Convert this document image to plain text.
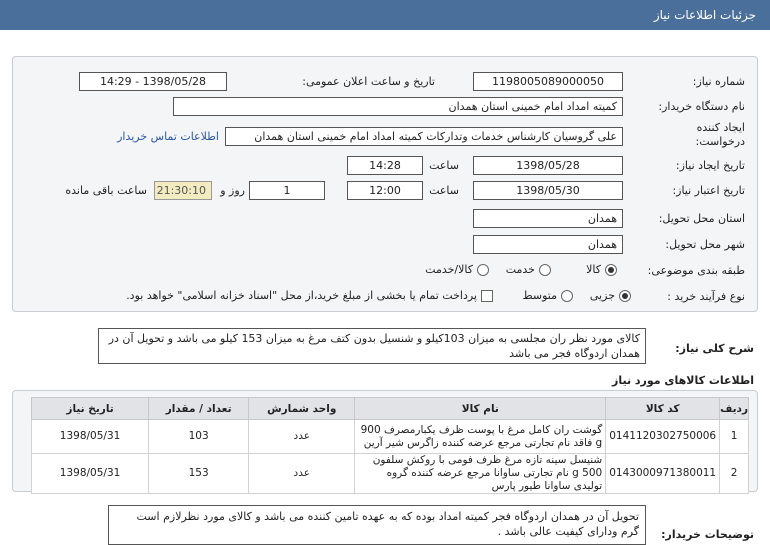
جزئیات اطلاعات نیاز
شماره نیاز:
1198005089000050
تاریخ و ساعت اعلان عمومی:
1398/05/28 - 14:29
نام دستگاه خریدار:
کمیته امداد امام خمینی استان همدان
ایجاد کننده درخواست:
علی گروسیان کارشناس خدمات وتدارکات کمیته امداد امام خمینی استان همدان
اطلاعات تماس خریدار
تاریخ ایجاد نیاز:
1398/05/28
ساعت
14:28
تاریخ اعتبار نیاز:
1398/05/30
ساعت
12:00
1
روز و
21:30:10
ساعت باقی مانده
استان محل تحویل:
همدان
شهر محل تحویل:
همدان
طبقه بندی موضوعی:
کالا
خدمت
کالا/خدمت
نوع فرآیند خرید :
جزیی
متوسط
پرداخت تمام یا بخشی از مبلغ خرید،از محل "اسناد خزانه اسلامی" خواهد بود.
شرح کلی نیاز:
کالای مورد نظر ران مجلسی به میزان 103کیلو و شنسیل بدون کتف مرغ به میزان 153 کیلو می باشد و تحویل آن در همدان اردوگاه فجر می باشد
اطلاعات کالاهای مورد نیاز
ردیف	کد کالا	نام کالا	واحد شمارش	تعداد / مقدار	تاریخ نیاز
1	0141120302750006	گوشت ران کامل مرغ با پوست ظرف یکبارمصرف 900 g فاقد نام تجارتی مرجع عرضه کننده زاگرس شیر آرین	عدد	103	1398/05/31
2	0143000971380011	شنیسل سینه تازه مرغ ظرف فومی با روکش سلفون 500 g نام تجارتی ساوانا مرجع عرضه کننده گروه تولیدی ساوانا طیور پارس	عدد	153	1398/05/31
توضیحات خریدار:
تحویل آن در همدان اردوگاه فجر کمیته امداد بوده که به عهده تامین کننده می باشد و کالای مورد نظرلازم است گرم ودارای کیفیت عالی باشد .
